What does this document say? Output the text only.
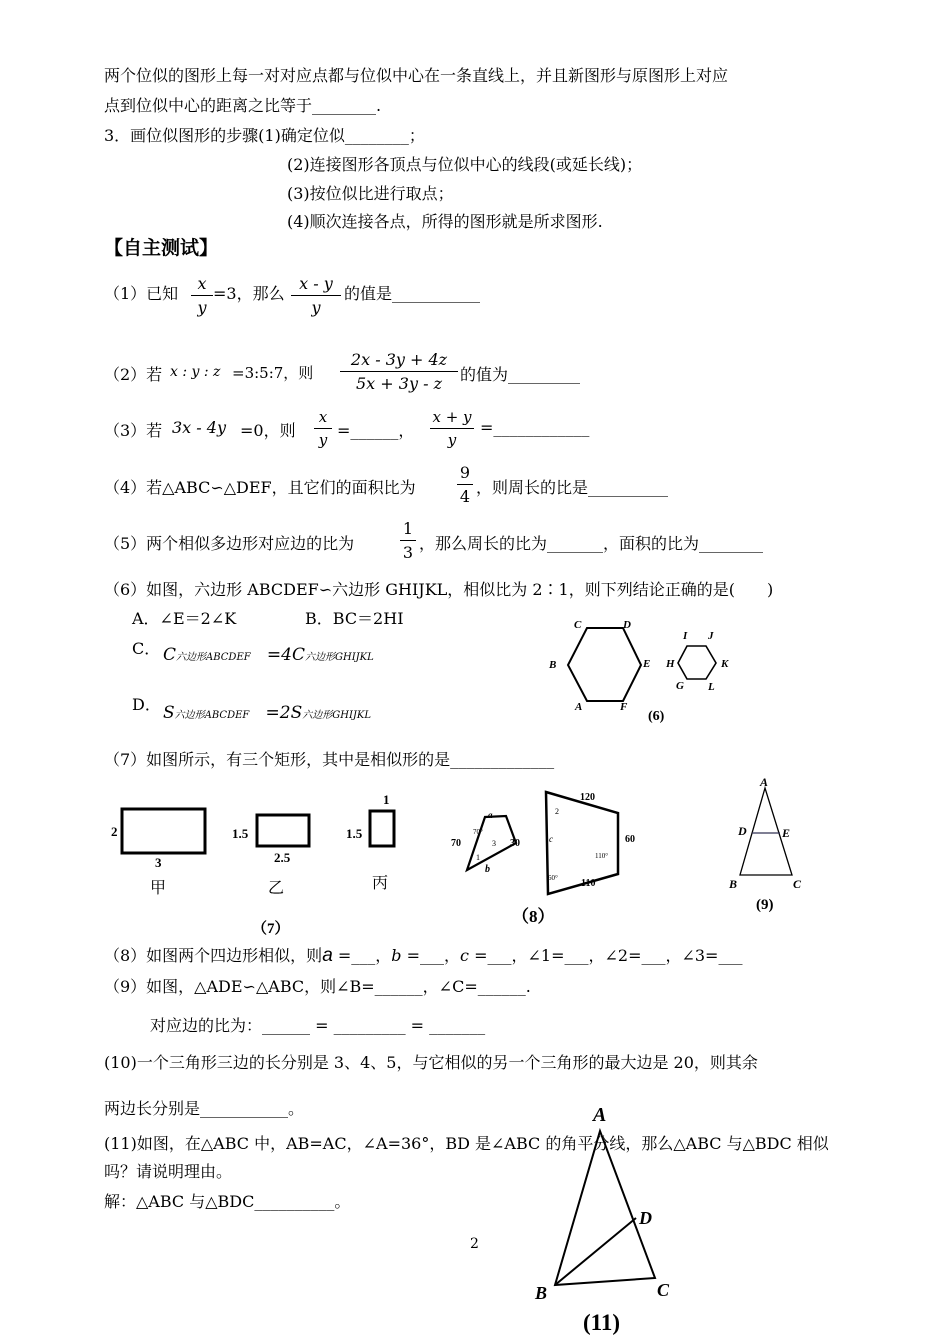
两个位似的图形上每一对对应点都与位似中心在一条直线上，并且新图形与原图形上对应
点到位似中心的距离之比等于________.
3．画位似图形的步骤(1)确定位似________；
(2)连接图形各顶点与位似中心的线段(或延长线)；
(3)按位似比进行取点；
(4)顺次连接各点，所得的图形就是所求图形.
【自主测试】
（1）已知
x
y
=3，那么
x - y
y
的值是___________
（2）若 x : y : z =3:5:7，则
2x - 3y + 4z
5x + 3y - z	的值为_________
（3）若 3x - 4y =0，则
x
y =______，
x + y
y
=____________
（4）若△ABC∽△DEF，且它们的面积比为
9
4 ，则周长的比是__________
（5）两个相似多边形对应边的比为
1
3 ，那么周长的比为_______，面积的比为________
（6）如图，六边形 ABCDEF∽六边形 GHIJKL，相似比为 2∶1，则下列结论正确的是(　　)
A．∠E＝2∠K	B．BC＝2HI
C． C六边形ABCDEF =4C六边形GHIJKL
D． S六边形ABCDEF =2S六边形GHIJKL
C	D
B	E
A	F
I J
H	K
G L
(6)
（7）如图所示，有三个矩形，其中是相似形的是_____________
2
3
甲
1.5
2.5
乙
1.5
1
丙
（7）
a
70°
70	3 30
1
b
120
2
c	60
110°
60° 110
（8）
A
D	E
B	C
(9)
（8）如图两个四边形相似，则a =___，b =___，c =___，∠1=___，∠2=___，∠3=___
（9）如图，△ADE∽△ABC，则∠B=______，∠C=______.
对应边的比为：______ = _________ = _______
(10)一个三角形三边的长分别是 3、4、5，与它相似的另一个三角形的最大边是 20，则其余
两边长分别是___________。
(11)如图，在△ABC 中，AB=AC，∠A=36°，BD 是∠ABC 的角平分线，那么△ABC 与△BDC 相似
吗？请说明理由。
解：△ABC 与△BDC__________。
2
A
D
B	C
(11)
